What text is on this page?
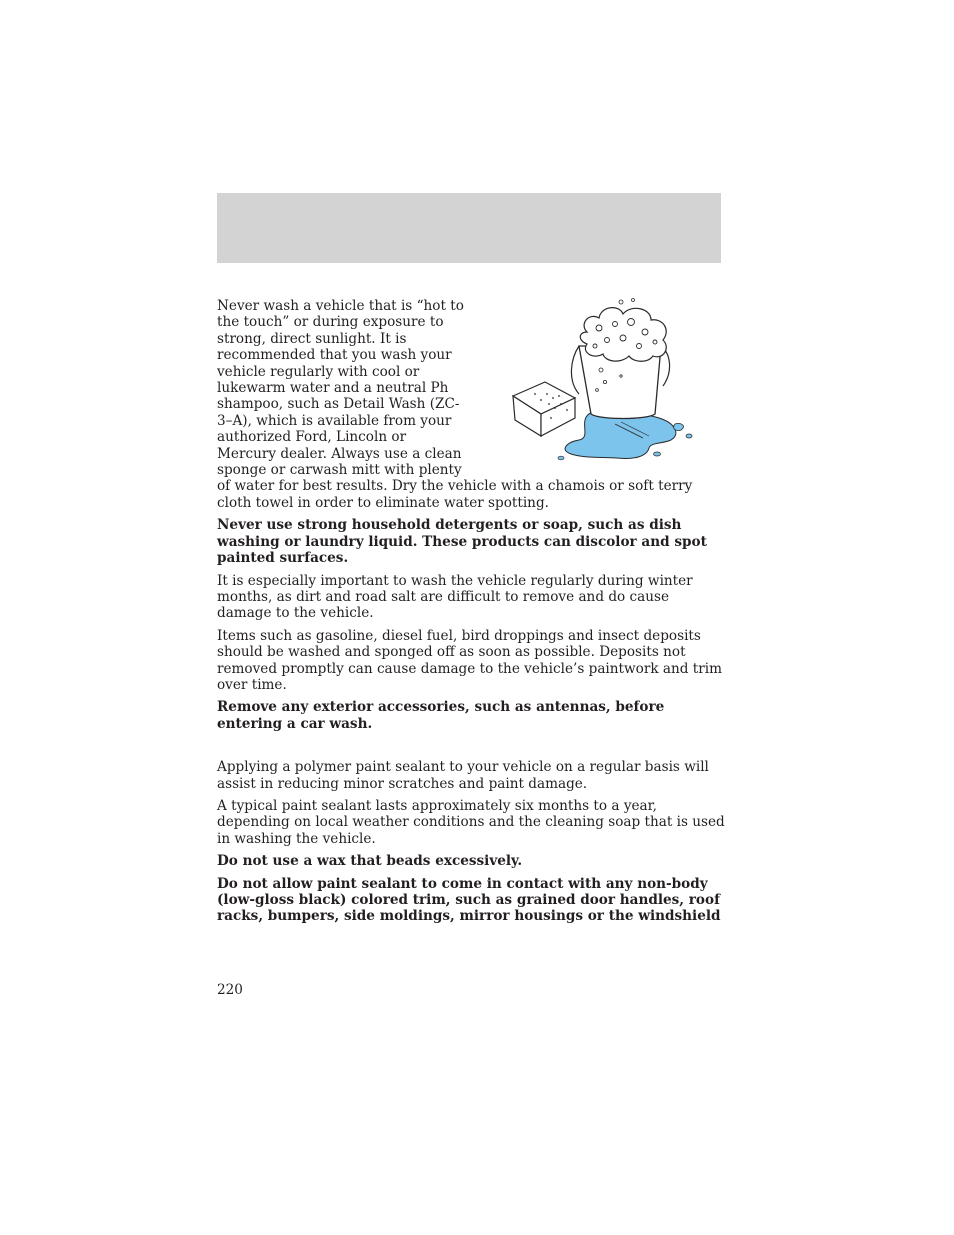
Never wash a vehicle that is “hot to the touch” or during exposure to strong, direct sunlight. It is recommended that you wash your vehicle regularly with cool or lukewarm water and a neutral Ph shampoo, such as Detail Wash (ZC-3–A), which is available from your authorized Ford, Lincoln or Mercury dealer. Always use a clean sponge or carwash mitt with plenty of water for best results. Dry the vehicle with a chamois or soft terry cloth towel in order to eliminate water spotting.

Never use strong household detergents or soap, such as dish washing or laundry liquid. These products can discolor and spot painted surfaces.

It is especially important to wash the vehicle regularly during winter months, as dirt and road salt are difficult to remove and do cause damage to the vehicle.

Items such as gasoline, diesel fuel, bird droppings and insect deposits should be washed and sponged off as soon as possible. Deposits not removed promptly can cause damage to the vehicle’s paintwork and trim over time.

Remove any exterior accessories, such as antennas, before entering a car wash.

Applying a polymer paint sealant to your vehicle on a regular basis will assist in reducing minor scratches and paint damage.

A typical paint sealant lasts approximately six months to a year, depending on local weather conditions and the cleaning soap that is used in washing the vehicle.

Do not use a wax that beads excessively.

Do not allow paint sealant to come in contact with any non-body (low-gloss black) colored trim, such as grained door handles, roof racks, bumpers, side moldings, mirror housings or the windshield

220
